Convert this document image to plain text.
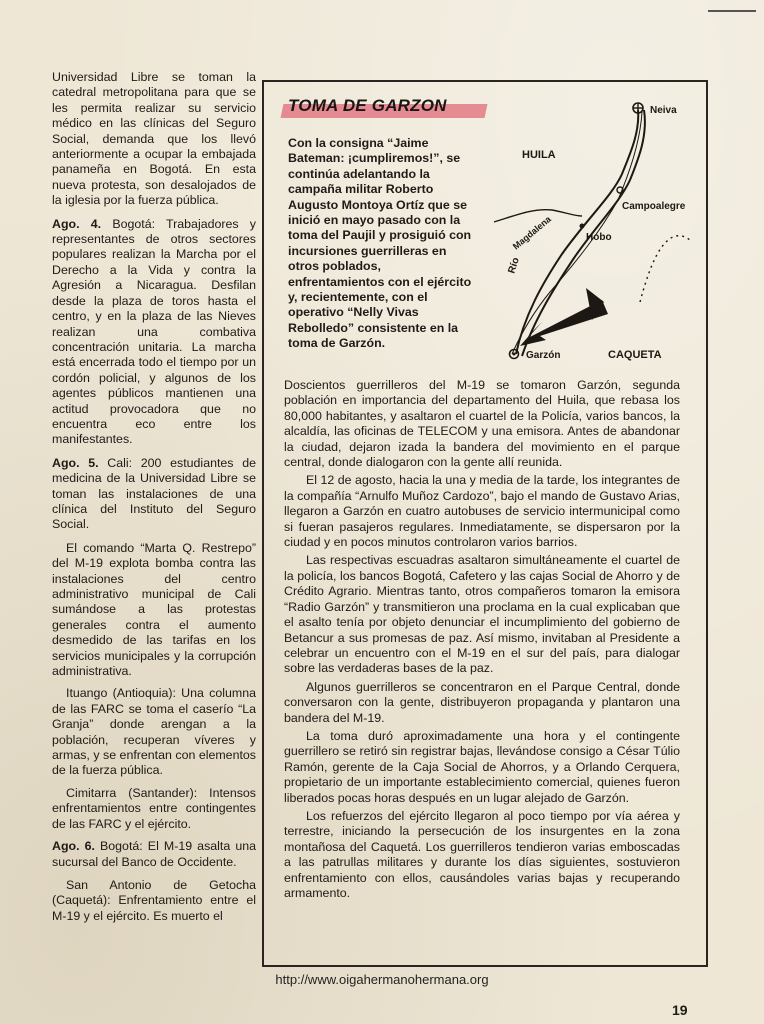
Universidad Libre se toman la catedral metropolitana para que se les permita realizar su servicio médico en las clínicas del Seguro Social, demanda que los llevó anteriormente a ocupar la embajada panameña en Bogotá. En esta nueva protesta, son desalojados de la iglesia por la fuerza pública.

Ago. 4. Bogotá: Trabajadores y representantes de otros sectores populares realizan la Marcha por el Derecho a la Vida y contra la Agresión a Nicaragua. Desfilan desde la plaza de toros hasta el centro, y en la plaza de las Nieves realizan una combativa concentración unitaria. La marcha está encerrada todo el tiempo por un cordón policial, y algunos de los agentes públicos mantienen una actitud provocadora que no encuentra eco entre los manifestantes.

Ago. 5. Cali: 200 estudiantes de medicina de la Universidad Libre se toman las instalaciones de una clínica del Instituto del Seguro Social.

El comando “Marta Q. Restrepo” del M-19 explota bomba contra las instalaciones del centro administrativo municipal de Cali sumándose a las protestas generales contra el aumento desmedido de las tarifas en los servicios municipales y la corrupción administrativa.

Ituango (Antioquia): Una columna de las FARC se toma el caserío “La Granja” donde arengan a la población, recuperan víveres y armas, y se enfrentan con elementos de la fuerza pública.

Cimitarra (Santander): Intensos enfrentamientos entre contingentes de las FARC y el ejército.

Ago. 6. Bogotá: El M-19 asalta una sucursal del Banco de Occidente.

San Antonio de Getocha (Caquetá): Enfrentamiento entre el M-19 y el ejército. Es muerto el

TOMA DE GARZON

Con la consigna “Jaime Bateman: ¡cumpliremos!”, se continúa adelantando la campaña militar Roberto Augusto Montoya Ortíz que se inició en mayo pasado con la toma del Paujil y prosiguió con incursiones guerrilleras en otros poblados, enfrentamientos con el ejército y, recientemente, con el operativo “Nelly Vivas Rebolledo” consistente en la toma de Garzón.

Neiva
HUILA
Campoalegre
Hobo
Río
Magdalena
Garzón	CAQUETA

Doscientos guerrilleros del M-19 se tomaron Garzón, segunda población en importancia del departamento del Huila, que rebasa los 80,000 habitantes, y asaltaron el cuartel de la Policía, varios bancos, la alcaldía, las oficinas de TELECOM y una emisora. Antes de abandonar la ciudad, dejaron izada la bandera del movimiento en el parque central, donde dialogaron con la gente allí reunida.

El 12 de agosto, hacia la una y media de la tarde, los integrantes de la compañía “Arnulfo Muñoz Cardozo”, bajo el mando de Gustavo Arias, llegaron a Garzón en cuatro autobuses de servicio intermunicipal como si fueran pasajeros regulares. Inmediatamente, se dispersaron por la ciudad y en pocos minutos controlaron varios barrios.

Las respectivas escuadras asaltaron simultáneamente el cuartel de la policía, los bancos Bogotá, Cafetero y las cajas Social de Ahorro y de Crédito Agrario. Mientras tanto, otros compañeros tomaron la emisora “Radio Garzón” y transmitieron una proclama en la cual explicaban que el asalto tenía por objeto denunciar el incumplimiento del gobierno de Betancur a sus promesas de paz. Así mismo, invitaban al Presidente a celebrar un encuentro con el M-19 en el sur del país, para dialogar sobre las verdaderas bases de la paz.

Algunos guerrilleros se concentraron en el Parque Central, donde conversaron con la gente, distribuyeron propaganda y plantaron una bandera del M-19.

La toma duró aproximadamente una hora y el contingente guerrillero se retiró sin registrar bajas, llevándose consigo a César Túlio Ramón, gerente de la Caja Social de Ahorros, y a Orlando Cerquera, propietario de un importante establecimiento comercial, quienes fueron liberados pocas horas después en un lugar alejado de Garzón.

Los refuerzos del ejército llegaron al poco tiempo por vía aérea y terrestre, iniciando la persecución de los insurgentes en la zona montañosa del Caquetá. Los guerrilleros tendieron varias emboscadas a las patrullas militares y durante los días siguientes, sostuvieron enfrentamiento con ellos, causándoles varias bajas y recuperando armamento.

http://www.oigahermanohermana.org
19
